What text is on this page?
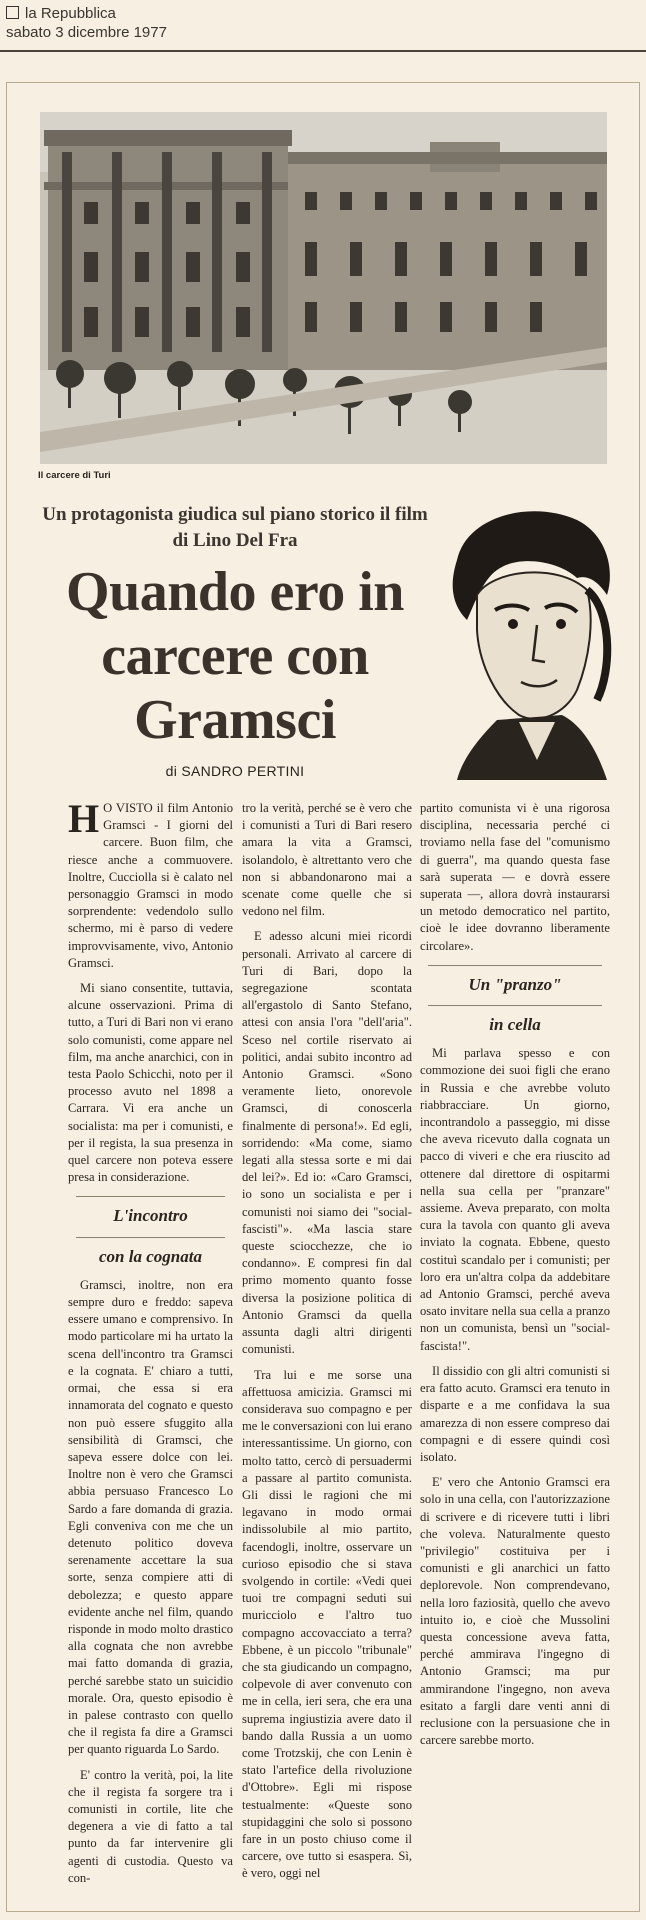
la Repubblica
sabato 3 dicembre 1977
Il carcere di Turi
Un protagonista giudica sul piano storico il film di Lino Del Fra
Quando ero in carcere con Gramsci
di SANDRO PERTINI

H O VISTO il film Antonio Gramsci - I giorni del carcere. Buon film, che riesce anche a commuovere. Inoltre, Cucciolla si è calato nel personaggio Gramsci in modo sorprendente: vedendolo sullo schermo, mi è parso di vedere improvvisamente, vivo, Antonio Gramsci.

Mi siano consentite, tuttavia, alcune osservazioni. Prima di tutto, a Turi di Bari non vi erano solo comunisti, come appare nel film, ma anche anarchici, con in testa Paolo Schicchi, noto per il processo avuto nel 1898 a Carrara. Vi era anche un socialista: ma per i comunisti, e per il regista, la sua presenza in quel carcere non poteva essere presa in considerazione.

L'incontro
con la cognata

Gramsci, inoltre, non era sempre duro e freddo: sapeva essere umano e comprensivo. In modo particolare mi ha urtato la scena dell'incontro tra Gramsci e la cognata. E' chiaro a tutti, ormai, che essa si era innamorata del cognato e questo non può essere sfuggito alla sensibilità di Gramsci, che sapeva essere dolce con lei. Inoltre non è vero che Gramsci abbia persuaso Francesco Lo Sardo a fare domanda di grazia. Egli conveniva con me che un detenuto politico doveva serenamente accettare la sua sorte, senza compiere atti di debolezza; e questo appare evidente anche nel film, quando risponde in modo molto drastico alla cognata che non avrebbe mai fatto domanda di grazia, perché sarebbe stato un suicidio morale. Ora, questo episodio è in palese contrasto con quello che il regista fa dire a Gramsci per quanto riguarda Lo Sardo.

E' contro la verità, poi, la lite che il regista fa sorgere tra i comunisti in cortile, lite che degenera a vie di fatto a tal punto da far intervenire gli agenti di custodia. Questo va con-

tro la verità, perché se è vero che i comunisti a Turi di Bari resero amara la vita a Gramsci, isolandolo, è altrettanto vero che non si abbandonarono mai a scenate come quelle che si vedono nel film.

E adesso alcuni miei ricordi personali. Arrivato al carcere di Turi di Bari, dopo la segregazione scontata all'ergastolo di Santo Stefano, attesi con ansia l'ora "dell'aria". Sceso nel cortile riservato ai politici, andai subito incontro ad Antonio Gramsci. «Sono veramente lieto, onorevole Gramsci, di conoscerla finalmente di persona!». Ed egli, sorridendo: «Ma come, siamo legati alla stessa sorte e mi dai del lei?». Ed io: «Caro Gramsci, io sono un socialista e per i comunisti noi siamo dei "social-fascisti"». «Ma lascia stare queste sciocchezze, che io condanno». E compresi fin dal primo momento quanto fosse diversa la posizione politica di Antonio Gramsci da quella assunta dagli altri dirigenti comunisti.

Tra lui e me sorse una affettuosa amicizia. Gramsci mi considerava suo compagno e per me le conversazioni con lui erano interessantissime. Un giorno, con molto tatto, cercò di persuadermi a passare al partito comunista. Gli dissi le ragioni che mi legavano in modo ormai indissolubile al mio partito, facendogli, inoltre, osservare un curioso episodio che si stava svolgendo in cortile: «Vedi quei tuoi tre compagni seduti sui muricciolo e l'altro tuo compagno accovacciato a terra? Ebbene, è un piccolo "tribunale" che sta giudicando un compagno, colpevole di aver convenuto con me in cella, ieri sera, che era una suprema ingiustizia avere dato il bando dalla Russia a un uomo come Trotzskij, che con Lenin è stato l'artefice della rivoluzione d'Ottobre». Egli mi rispose testualmente: «Queste sono stupidaggini che solo si possono fare in un posto chiuso come il carcere, ove tutto si esaspera. Sì, è vero, oggi nel

partito comunista vi è una rigorosa disciplina, necessaria perché ci troviamo nella fase del "comunismo di guerra", ma quando questa fase sarà superata — e dovrà essere superata —, allora dovrà instaurarsi un metodo democratico nel partito, cioè le idee dovranno liberamente circolare».

Un "pranzo"
in cella

Mi parlava spesso e con commozione dei suoi figli che erano in Russia e che avrebbe voluto riabbracciare. Un giorno, incontrandolo a passeggio, mi disse che aveva ricevuto dalla cognata un pacco di viveri e che era riuscito ad ottenere dal direttore di ospitarmi nella sua cella per "pranzare" assieme. Aveva preparato, con molta cura la tavola con quanto gli aveva inviato la cognata. Ebbene, questo costituì scandalo per i comunisti; per loro era un'altra colpa da addebitare ad Antonio Gramsci, perché aveva osato invitare nella sua cella a pranzo non un comunista, bensì un "social-fascista!".

Il dissidio con gli altri comunisti si era fatto acuto. Gramsci era tenuto in disparte e a me confidava la sua amarezza di non essere compreso dai compagni e di essere quindi così isolato.

E' vero che Antonio Gramsci era solo in una cella, con l'autorizzazione di scrivere e di ricevere tutti i libri che voleva. Naturalmente questo "privilegio" costituiva per i comunisti e gli anarchici un fatto deplorevole. Non comprendevano, nella loro faziosità, quello che avevo intuito io, e cioè che Mussolini questa concessione aveva fatta, perché ammirava l'ingegno di Antonio Gramsci; ma pur ammirandone l'ingegno, non aveva esitato a fargli dare venti anni di reclusione con la persuasione che in carcere sarebbe morto.
